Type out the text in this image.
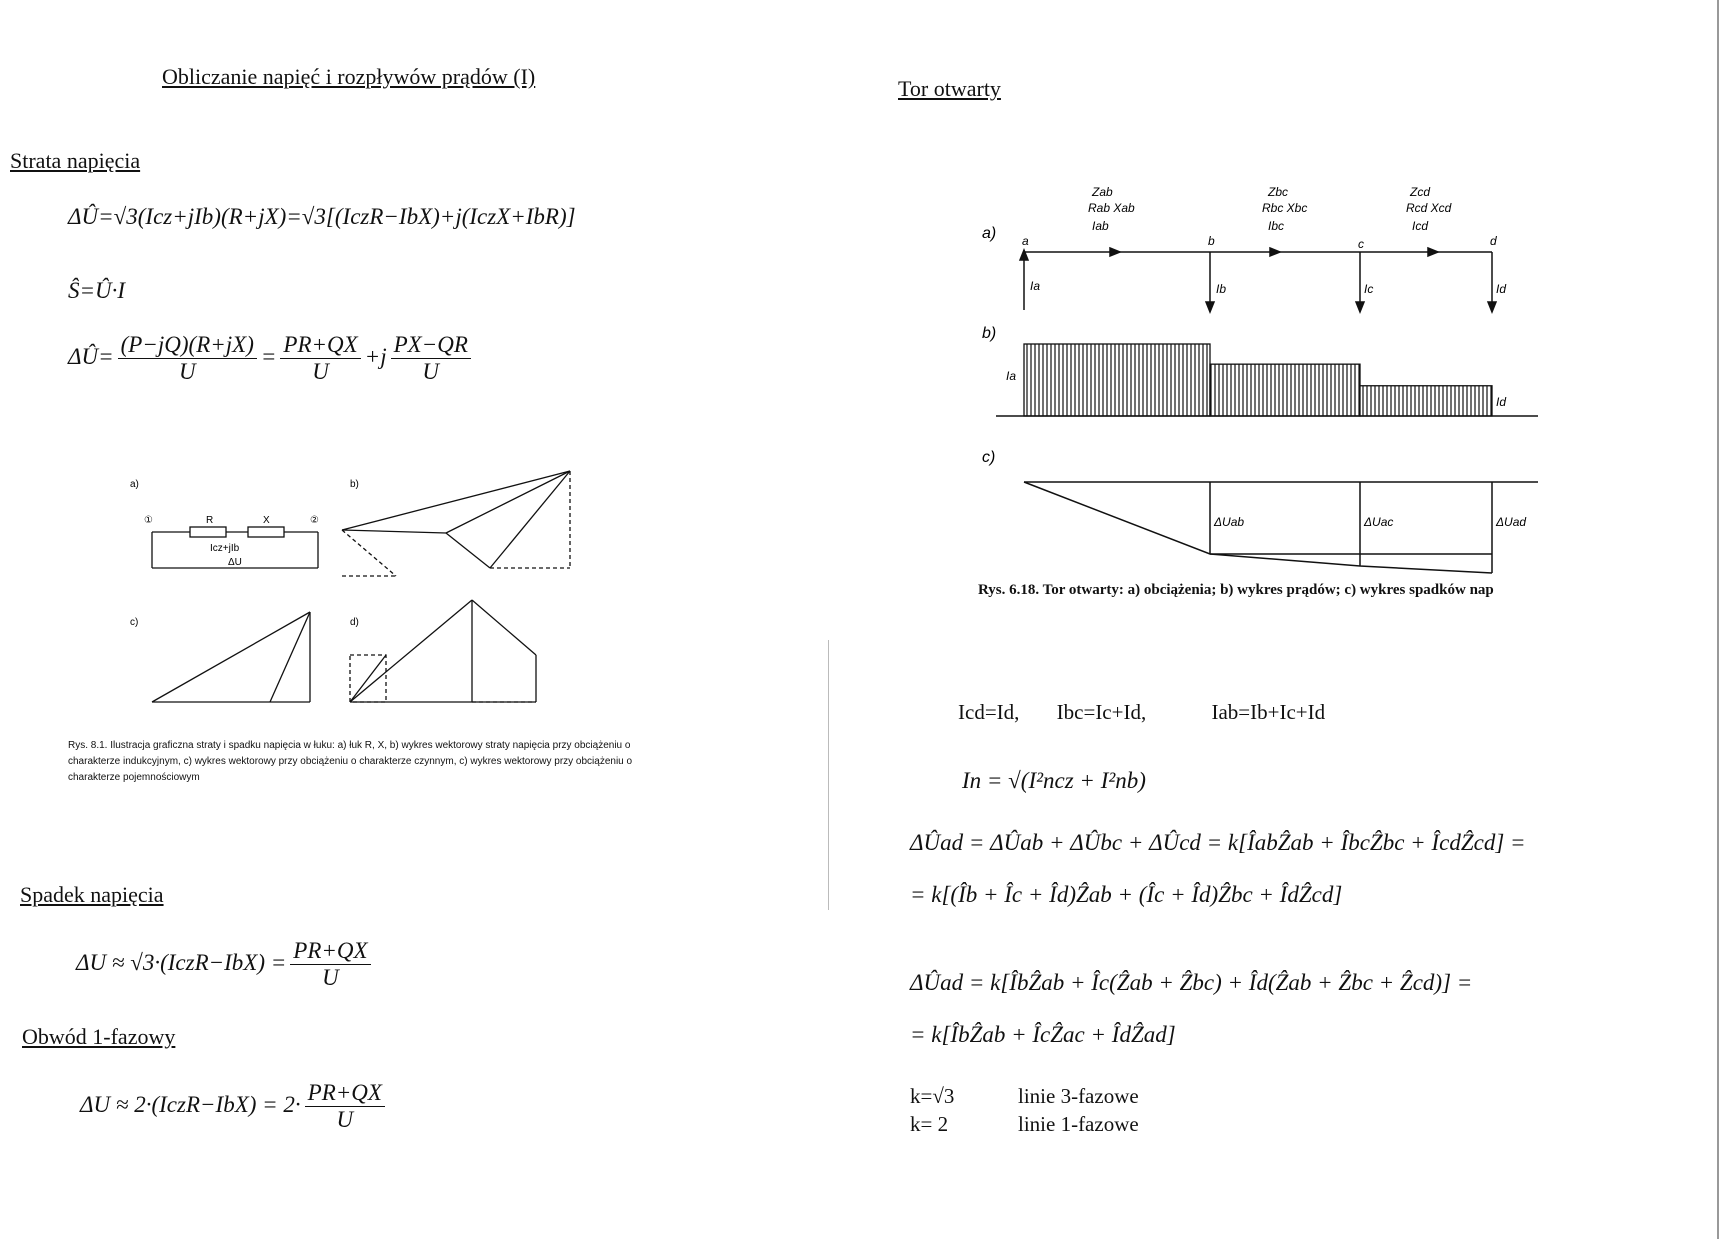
Obliczanie napięć i rozpływów prądów (I)
Strata napięcia
ΔÛ=√3(Icz+jIb)(R+jX)=√3[(IczR−IbX)+j(IczX+IbR)]
Ŝ=Û·I
ΔÛ= $\frac{(P-jQ)(R+jX)}{U} = \frac{PR+QX}{U} +j \frac{PX-QR}{U}$
a)	b)
c)	d)
①	②
R	X
Icz+jIb
ΔU
Rys. 8.1. Ilustracja graficzna straty i spadku napięcia w łuku: a) łuk R, X, b) wykres wektorowy straty napięcia przy obciążeniu o charakterze indukcyjnym, c) wykres wektorowy przy obciążeniu o charakterze czynnym, c) wykres wektorowy przy obciążeniu o charakterze pojemnościowym
Spadek napięcia
ΔU ≈ √3·(IczR−IbX) = $\frac{PR+QX}{U}$
Obwód 1-fazowy
ΔU ≈ 2·(IczR−IbX) = $2\cdot \frac{PR+QX}{U}$
Tor otwarty
a)
b)
c)
a	b	c	d
Zab
Rab Xab
Iab
Zbc
Rbc Xbc
Ibc
Zcd
Rcd Xcd
Icd
Ia	Ib	Ic	Id
Ia
Id
ΔUab	ΔUac	ΔUad
Rys. 6.18. Tor otwarty: a) obciążenia; b) wykres prądów; c) wykres spadków nap
Icd=Id, Ibc=Ic+Id,	Iab=Ib+Ic+Id
In = √(I²ncz + I²nb)
ΔÛad = ΔÛab + ΔÛbc + ΔÛcd = k[ÎabẐab + ÎbcẐbc + ÎcdẐcd] =
= k[(Îb + Îc + Îd)Ẑab + (Îc + Îd)Ẑbc + ÎdẐcd]
ΔÛad = k[ÎbẐab + Îc(Ẑab + Ẑbc) + Îd(Ẑab + Ẑbc + Ẑcd)] =
= k[ÎbẐab + ÎcẐac + ÎdẐad]
k=√3	linie 3-fazowe
k= 2	linie 1-fazowe
